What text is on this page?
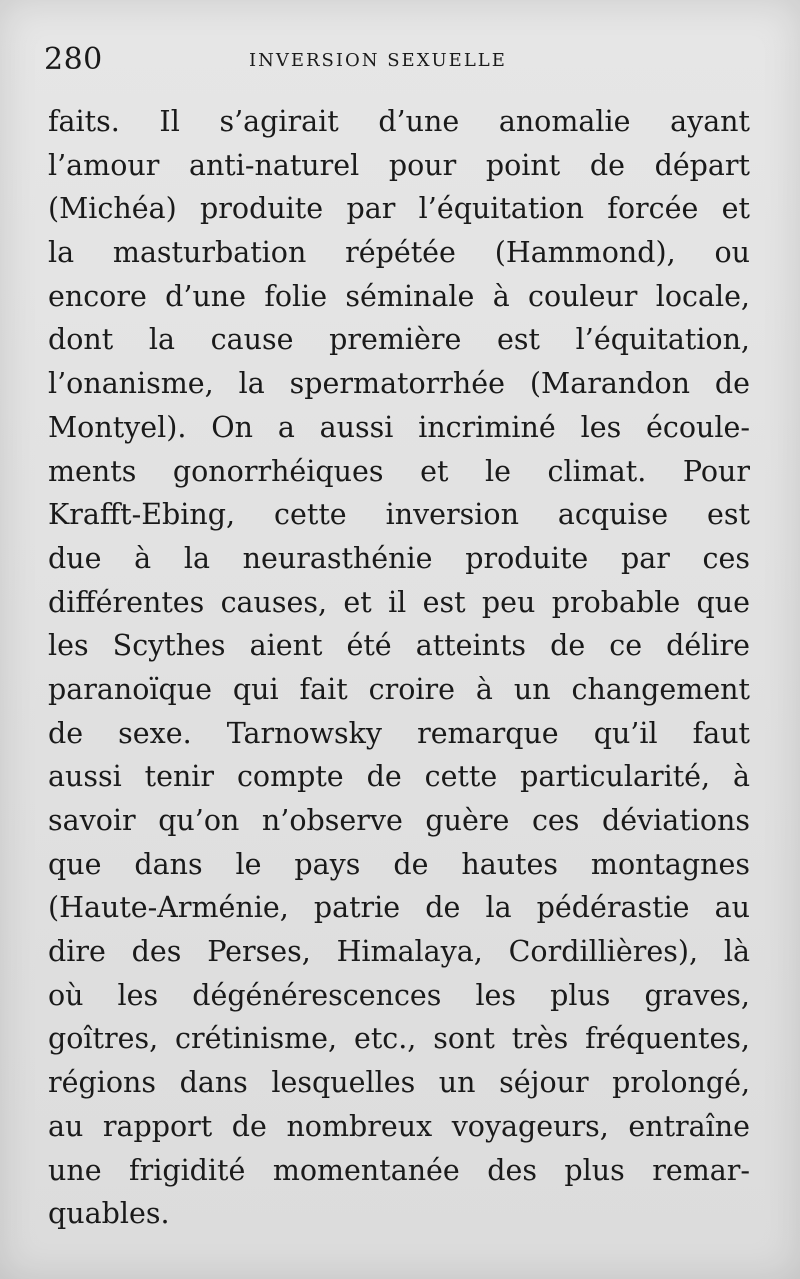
280	INVERSION SEXUELLE
faits. Il s’agirait d’une anomalie ayant
l’amour anti-naturel pour point de départ
(Michéa) produite par l’équitation forcée et
la masturbation répétée (Hammond), ou
encore d’une folie séminale à couleur locale,
dont la cause première est l’équitation,
l’onanisme, la spermatorrhée (Marandon de
Montyel). On a aussi incriminé les écoule-
ments gonorrhéiques et le climat. Pour
Krafft-Ebing, cette inversion acquise est
due à la neurasthénie produite par ces
différentes causes, et il est peu probable que
les Scythes aient été atteints de ce délire
paranoïque qui fait croire à un changement
de sexe. Tarnowsky remarque qu’il faut
aussi tenir compte de cette particularité, à
savoir qu’on n’observe guère ces déviations
que dans le pays de hautes montagnes
(Haute-Arménie, patrie de la pédérastie au
dire des Perses, Himalaya, Cordillières), là
où les dégénérescences les plus graves,
goîtres, crétinisme, etc., sont très fréquentes,
régions dans lesquelles un séjour prolongé,
au rapport de nombreux voyageurs, entraîne
une frigidité momentanée des plus remar-
quables.
